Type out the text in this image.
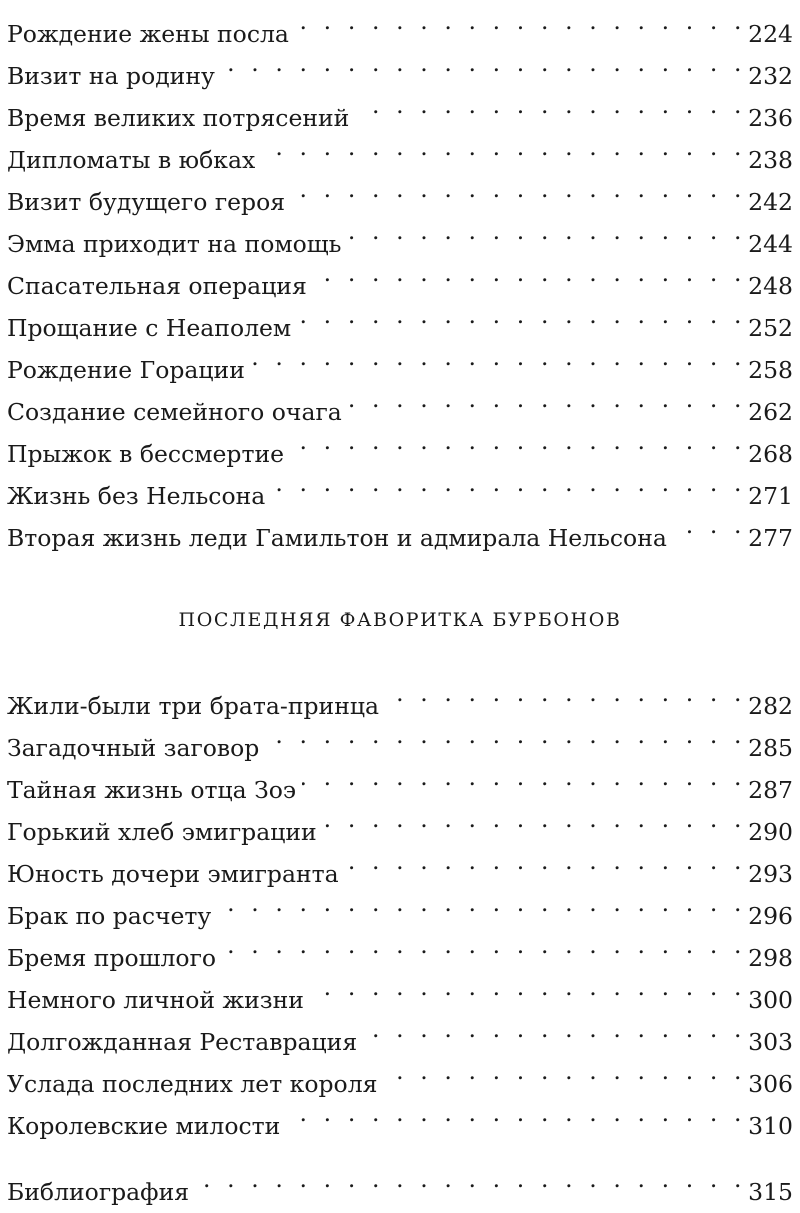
Рождение жены посла . . .	224
Визит на родину . . .	232
Время великих потрясений . . .	236
Дипломаты в юбках . . .	238
Визит будущего героя . . .	242
Эмма приходит на помощь . . .	244
Спасательная операция . . .	248
Прощание с Неаполем . . .	252
Рождение Горации . . .	258
Создание семейного очага . . .	262
Прыжок в бессмертие . . .	268
Жизнь без Нельсона . . .	271
Вторая жизнь леди Гамильтон и адмирала Нельсона . . .	277
ПОСЛЕДНЯЯ ФАВОРИТКА БУРБОНОВ
Жили-были три брата-принца . . .	282
Загадочный заговор . . .	285
Тайная жизнь отца Зоэ . . .	287
Горький хлеб эмиграции . . .	290
Юность дочери эмигранта . . .	293
Брак по расчету . . .	296
Бремя прошлого . . .	298
Немного личной жизни . . .	300
Долгожданная Реставрация . . .	303
Услада последних лет короля . . .	306
Королевские милости . . .	310
Библиография . . .	315
